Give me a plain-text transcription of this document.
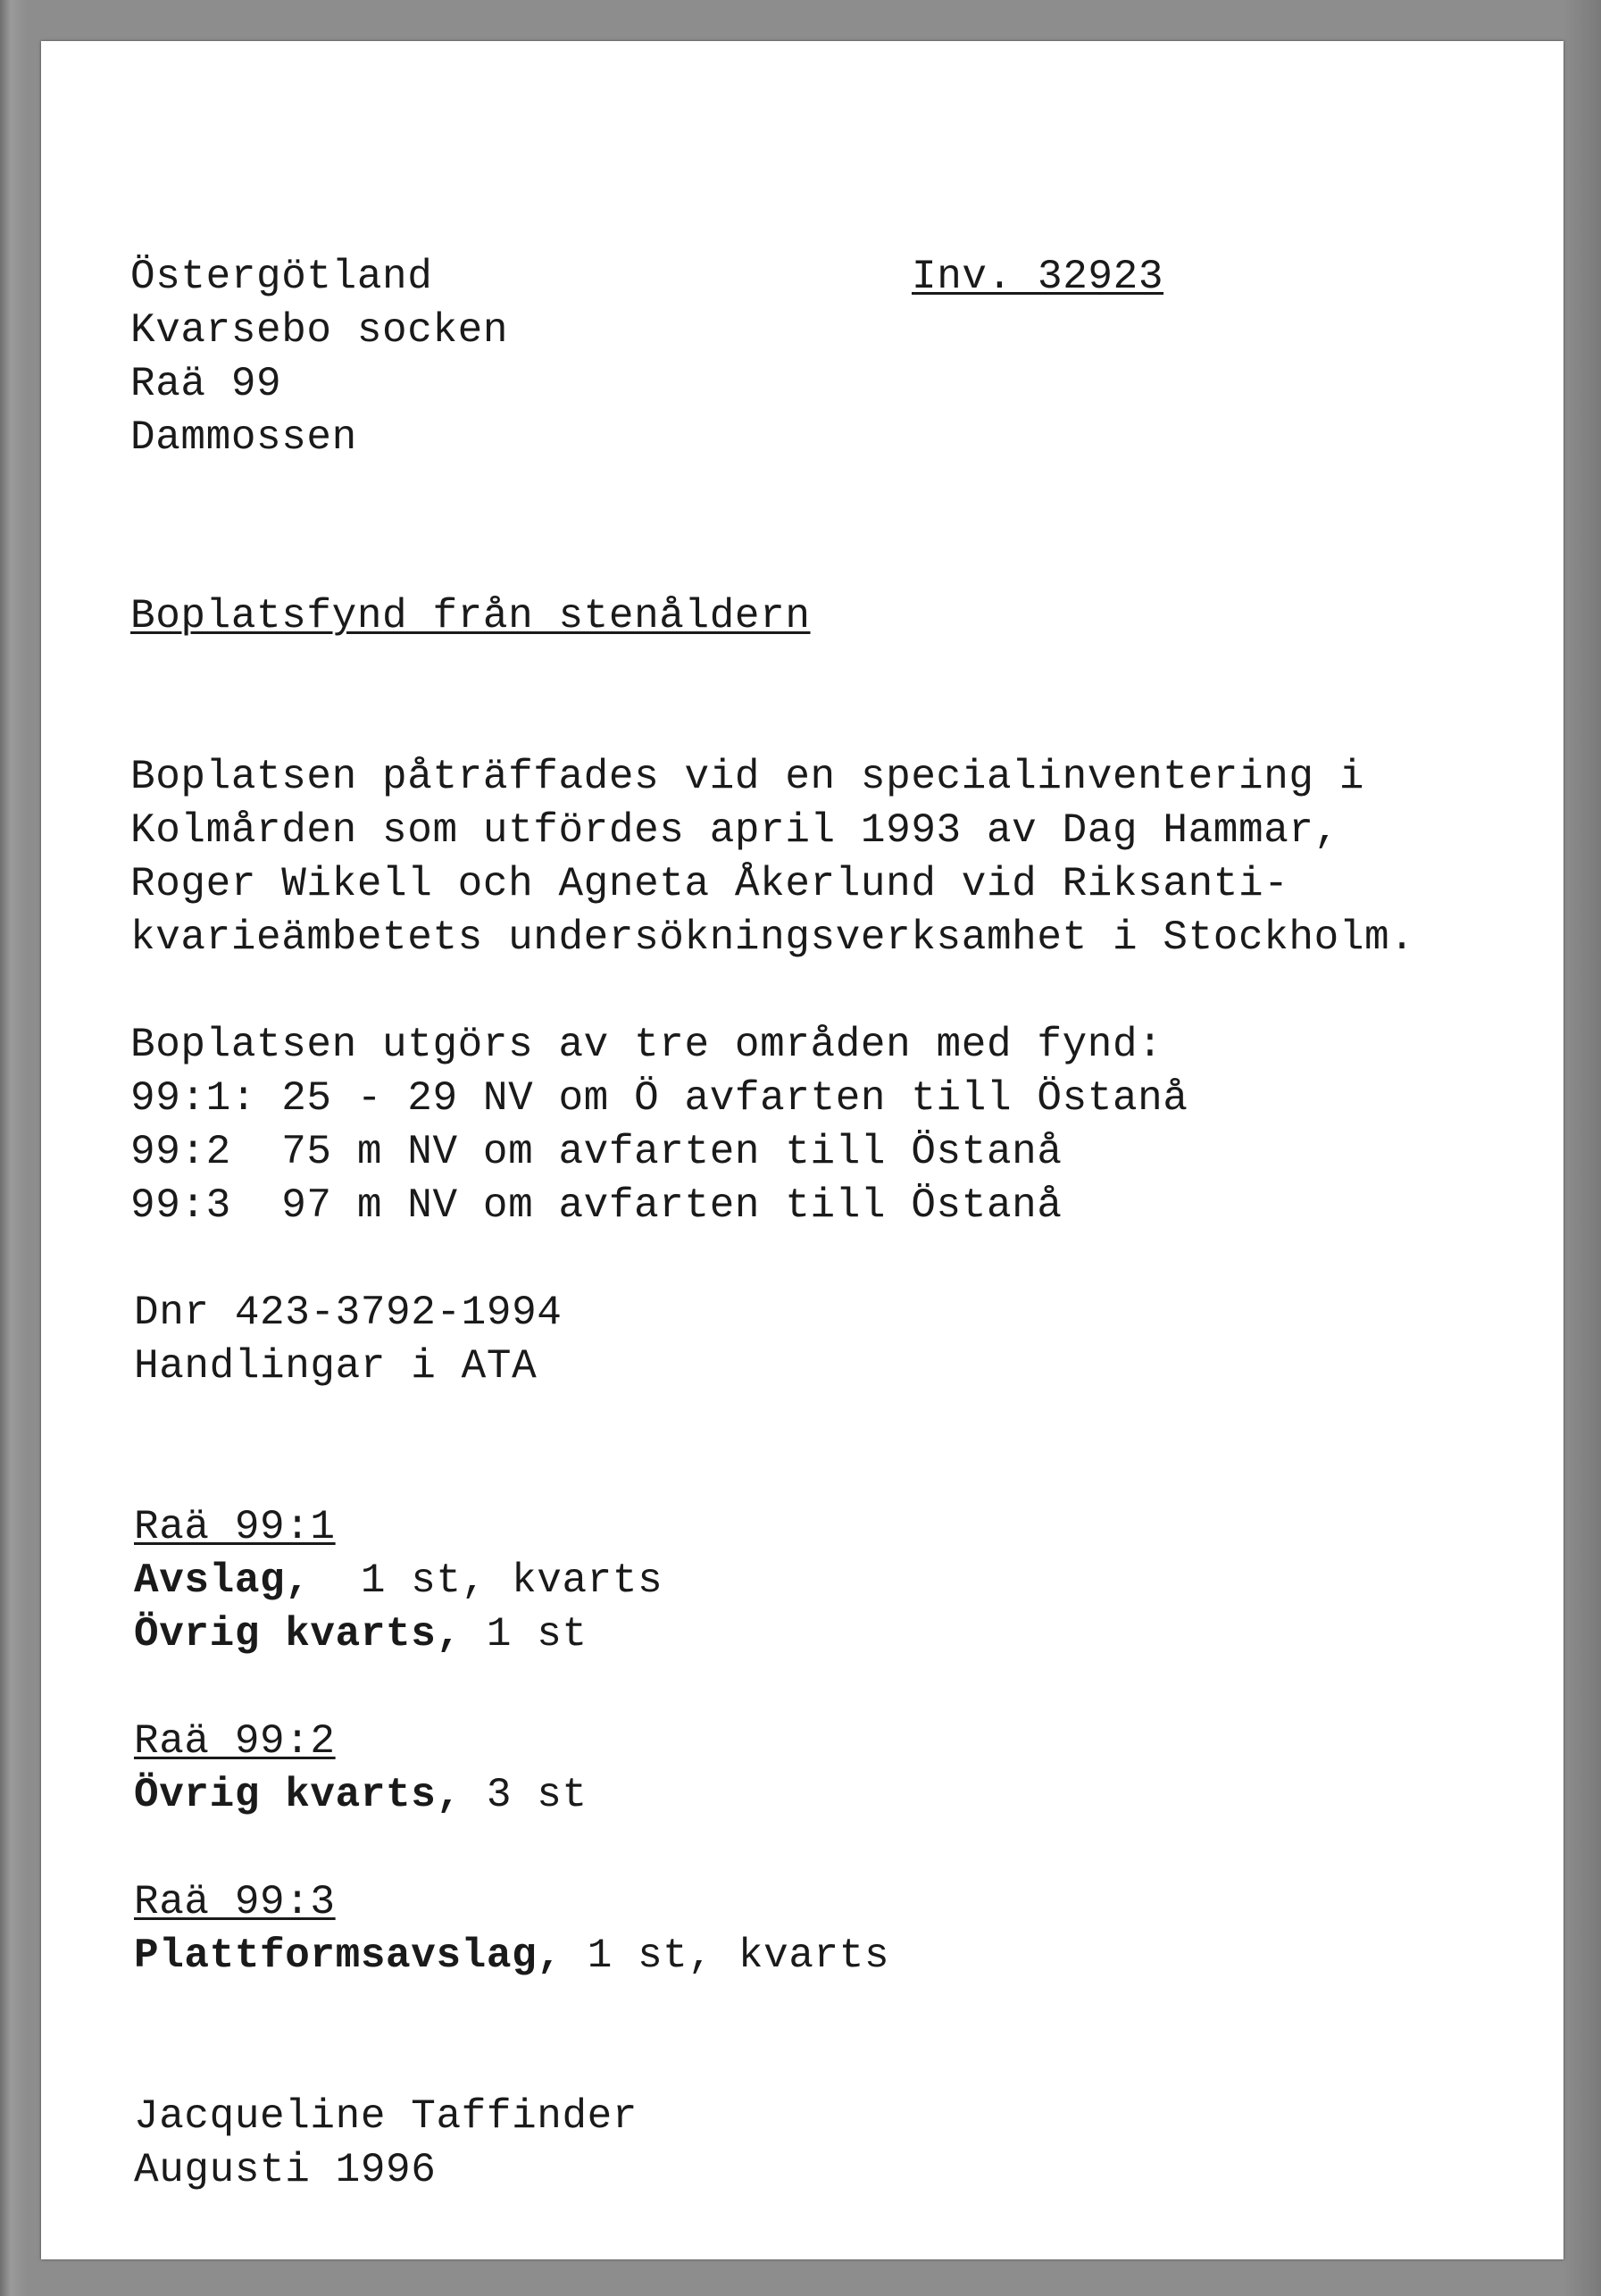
Östergötland	Inv. 32923
Kvarsebo socken
Raä 99
Dammossen
Boplatsfynd från stenåldern
Boplatsen påträffades vid en specialinventering i
Kolmården som utfördes april 1993 av Dag Hammar,
Roger Wikell och Agneta Åkerlund vid Riksanti-
kvarieämbetets undersökningsverksamhet i Stockholm.
Boplatsen utgörs av tre områden med fynd:
99:1: 25 - 29 NV om Ö avfarten till Östanå
99:2  75 m NV om avfarten till Östanå
99:3  97 m NV om avfarten till Östanå
Dnr 423-3792-1994
Handlingar i ATA
Raä 99:1
Avslag,  1 st, kvarts
Övrig kvarts, 1 st
Raä 99:2
Övrig kvarts, 3 st
Raä 99:3
Plattformsavslag, 1 st, kvarts
Jacqueline Taffinder
Augusti 1996
